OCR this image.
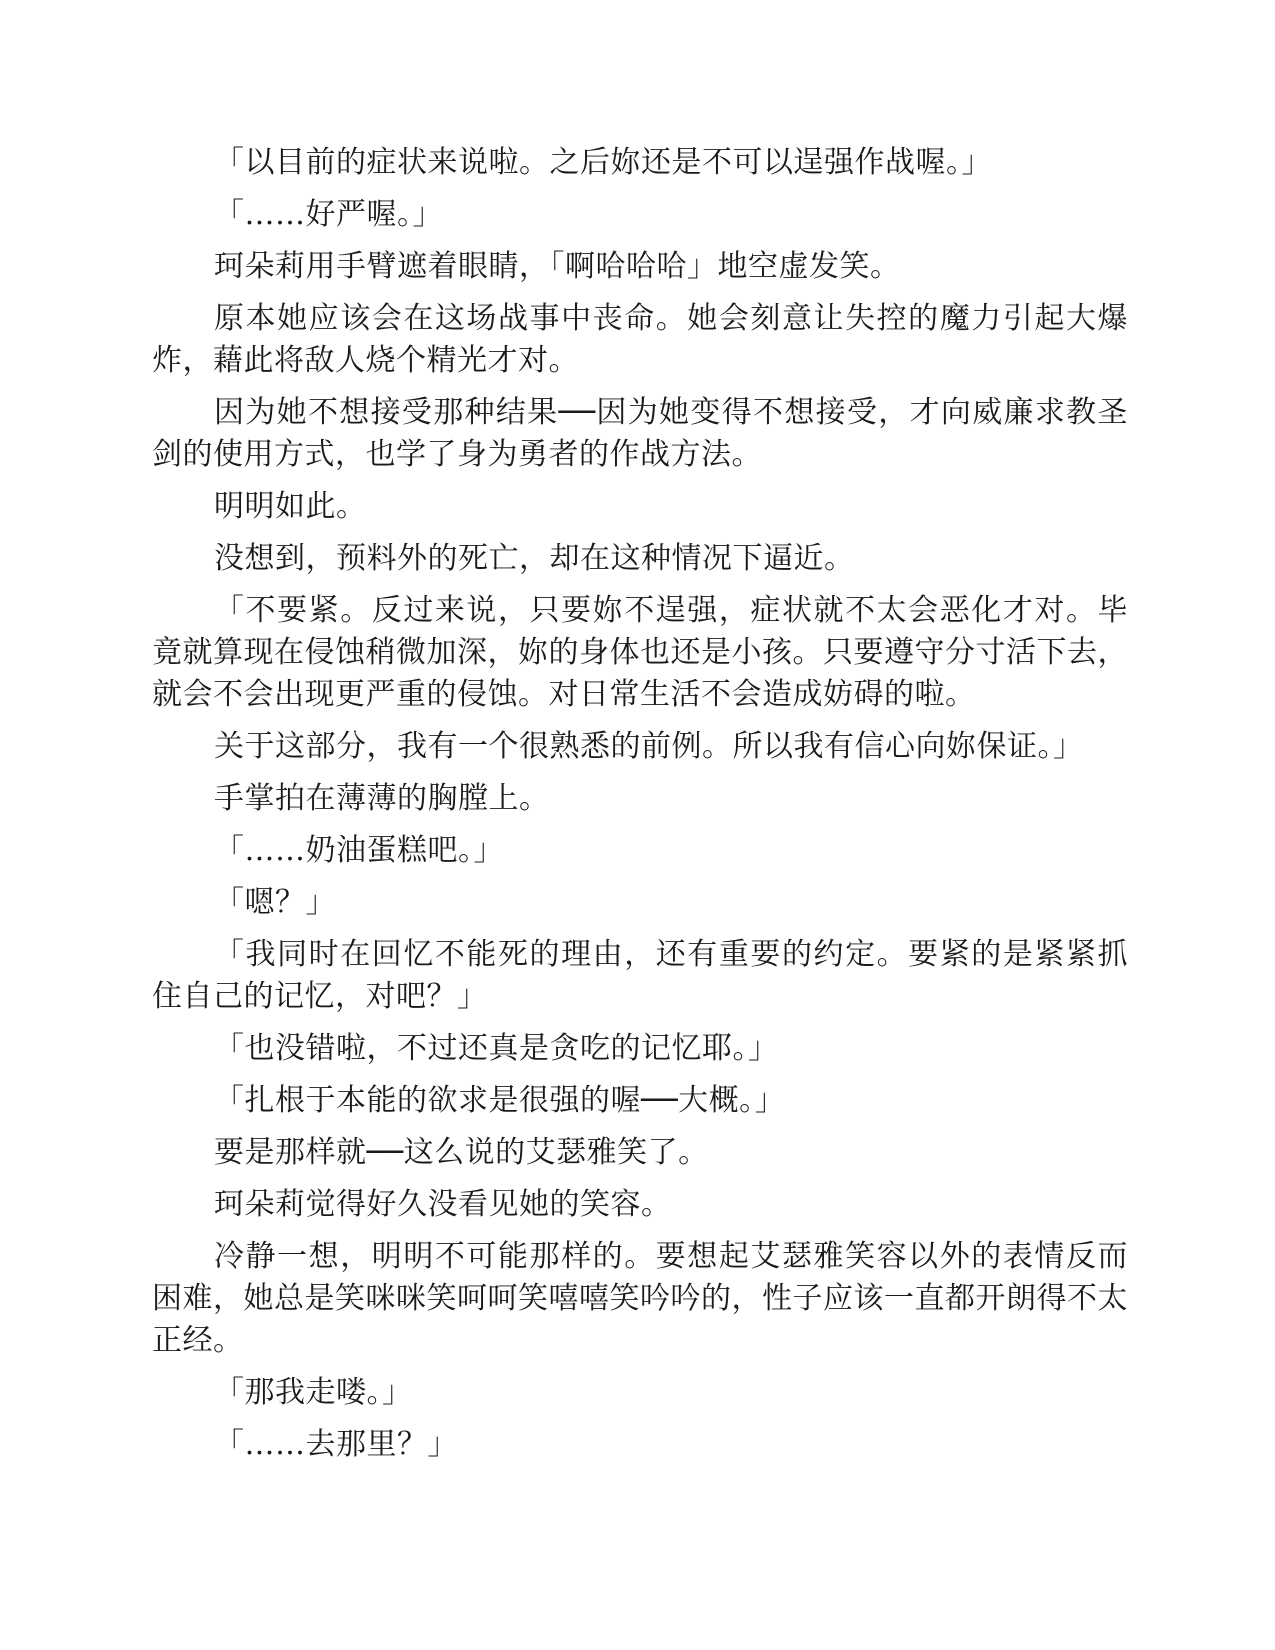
「以目前的症状来说啦。之后妳还是不可以逞强作战喔。」

「……好严喔。」

珂朵莉用手臂遮着眼睛，「啊哈哈哈」地空虚发笑。

原本她应该会在这场战事中丧命。她会刻意让失控的魔力引起大爆炸，藉此将敌人烧个精光才对。

因为她不想接受那种结果──因为她变得不想接受，才向威廉求教圣剑的使用方式，也学了身为勇者的作战方法。

明明如此。

没想到，预料外的死亡，却在这种情况下逼近。

「不要紧。反过来说，只要妳不逞强，症状就不太会恶化才对。毕竟就算现在侵蚀稍微加深，妳的身体也还是小孩。只要遵守分寸活下去，就会不会出现更严重的侵蚀。对日常生活不会造成妨碍的啦。

关于这部分，我有一个很熟悉的前例。所以我有信心向妳保证。」

手掌拍在薄薄的胸膛上。

「……奶油蛋糕吧。」

「嗯？」

「我同时在回忆不能死的理由，还有重要的约定。要紧的是紧紧抓住自己的记忆，对吧？」

「也没错啦，不过还真是贪吃的记忆耶。」

「扎根于本能的欲求是很强的喔──大概。」

要是那样就──这么说的艾瑟雅笑了。

珂朵莉觉得好久没看见她的笑容。

冷静一想，明明不可能那样的。要想起艾瑟雅笑容以外的表情反而困难，她总是笑咪咪笑呵呵笑嘻嘻笑吟吟的，性子应该一直都开朗得不太正经。

「那我走喽。」

「……去那里？」
